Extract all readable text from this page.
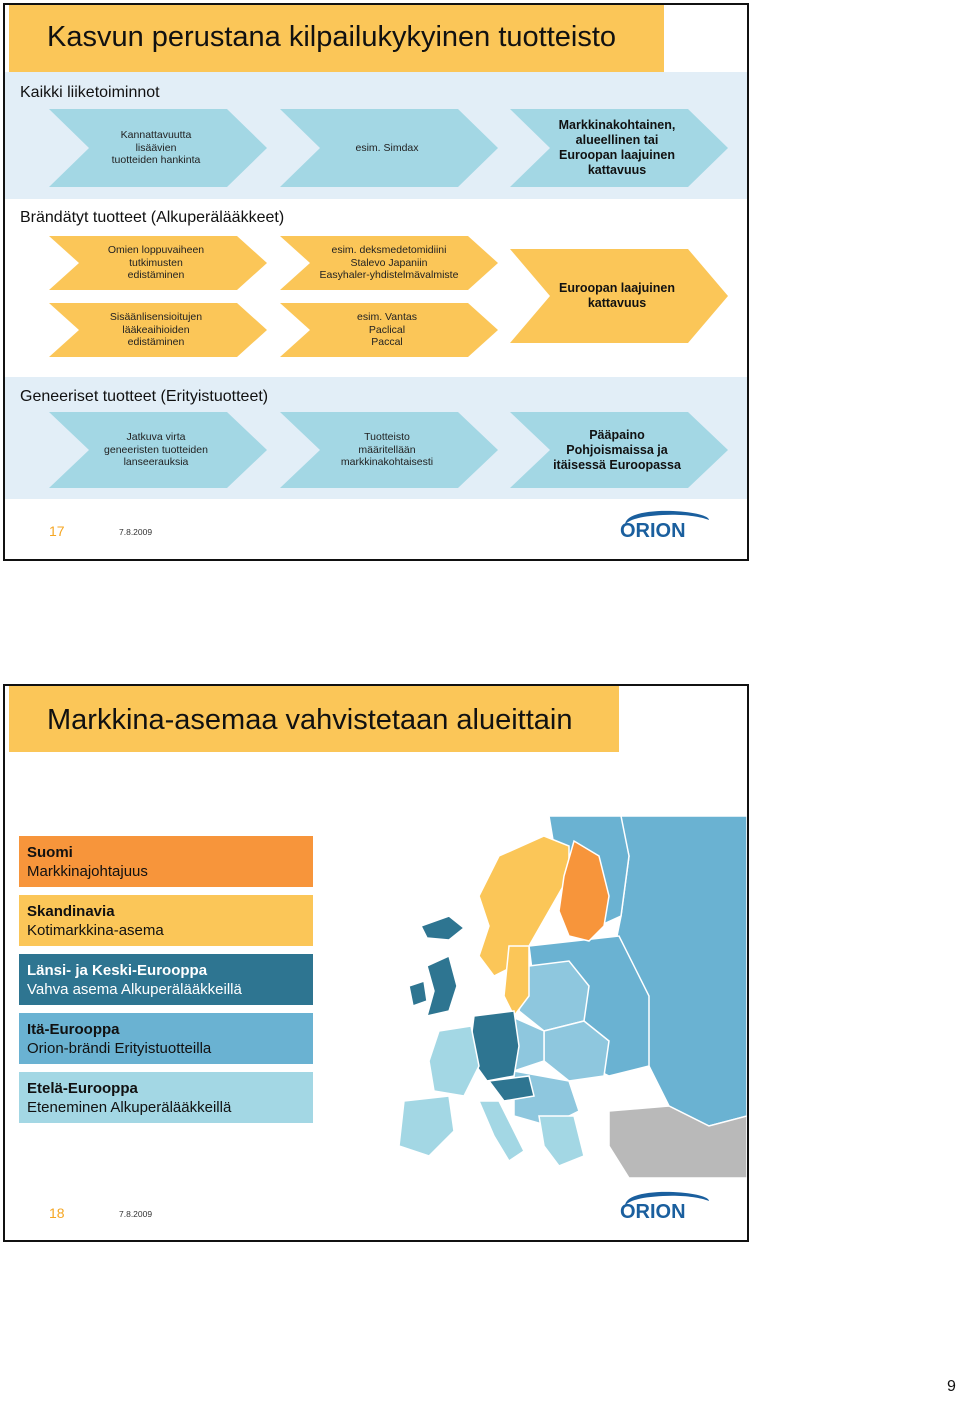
Kasvun perustana kilpailukykyinen tuotteisto
Kaikki liiketoiminnot
Kannattavuutta
lisäävien
tuotteiden hankinta
esim. Simdax
Markkinakohtainen,
alueellinen tai
Euroopan laajuinen
kattavuus
Brändätyt tuotteet (Alkuperälääkkeet)
Omien loppuvaiheen
tutkimusten
edistäminen
Sisäänlisensioitujen
lääkeaihioiden
edistäminen
esim. deksmedetomidiini
Stalevo Japaniin
Easyhaler-yhdistelmävalmiste
esim. Vantas
Paclical
Paccal
Euroopan laajuinen
kattavuus
Geneeriset tuotteet (Erityistuotteet)
Jatkuva virta
geneeristen tuotteiden
lanseerauksia
Tuotteisto
määritellään
markkinakohtaisesti
Pääpaino
Pohjoismaissa ja
itäisessä Euroopassa
17	7.8.2009	ORION
Markkina-asemaa vahvistetaan alueittain
Suomi
Markkinajohtajuus
Skandinavia
Kotimarkkina-asema
Länsi- ja Keski-Eurooppa
Vahva asema Alkuperälääkkeillä
Itä-Eurooppa
Orion-brändi Erityistuotteilla
Etelä-Eurooppa
Eteneminen Alkuperälääkkeillä
18	7.8.2009	ORION
9
